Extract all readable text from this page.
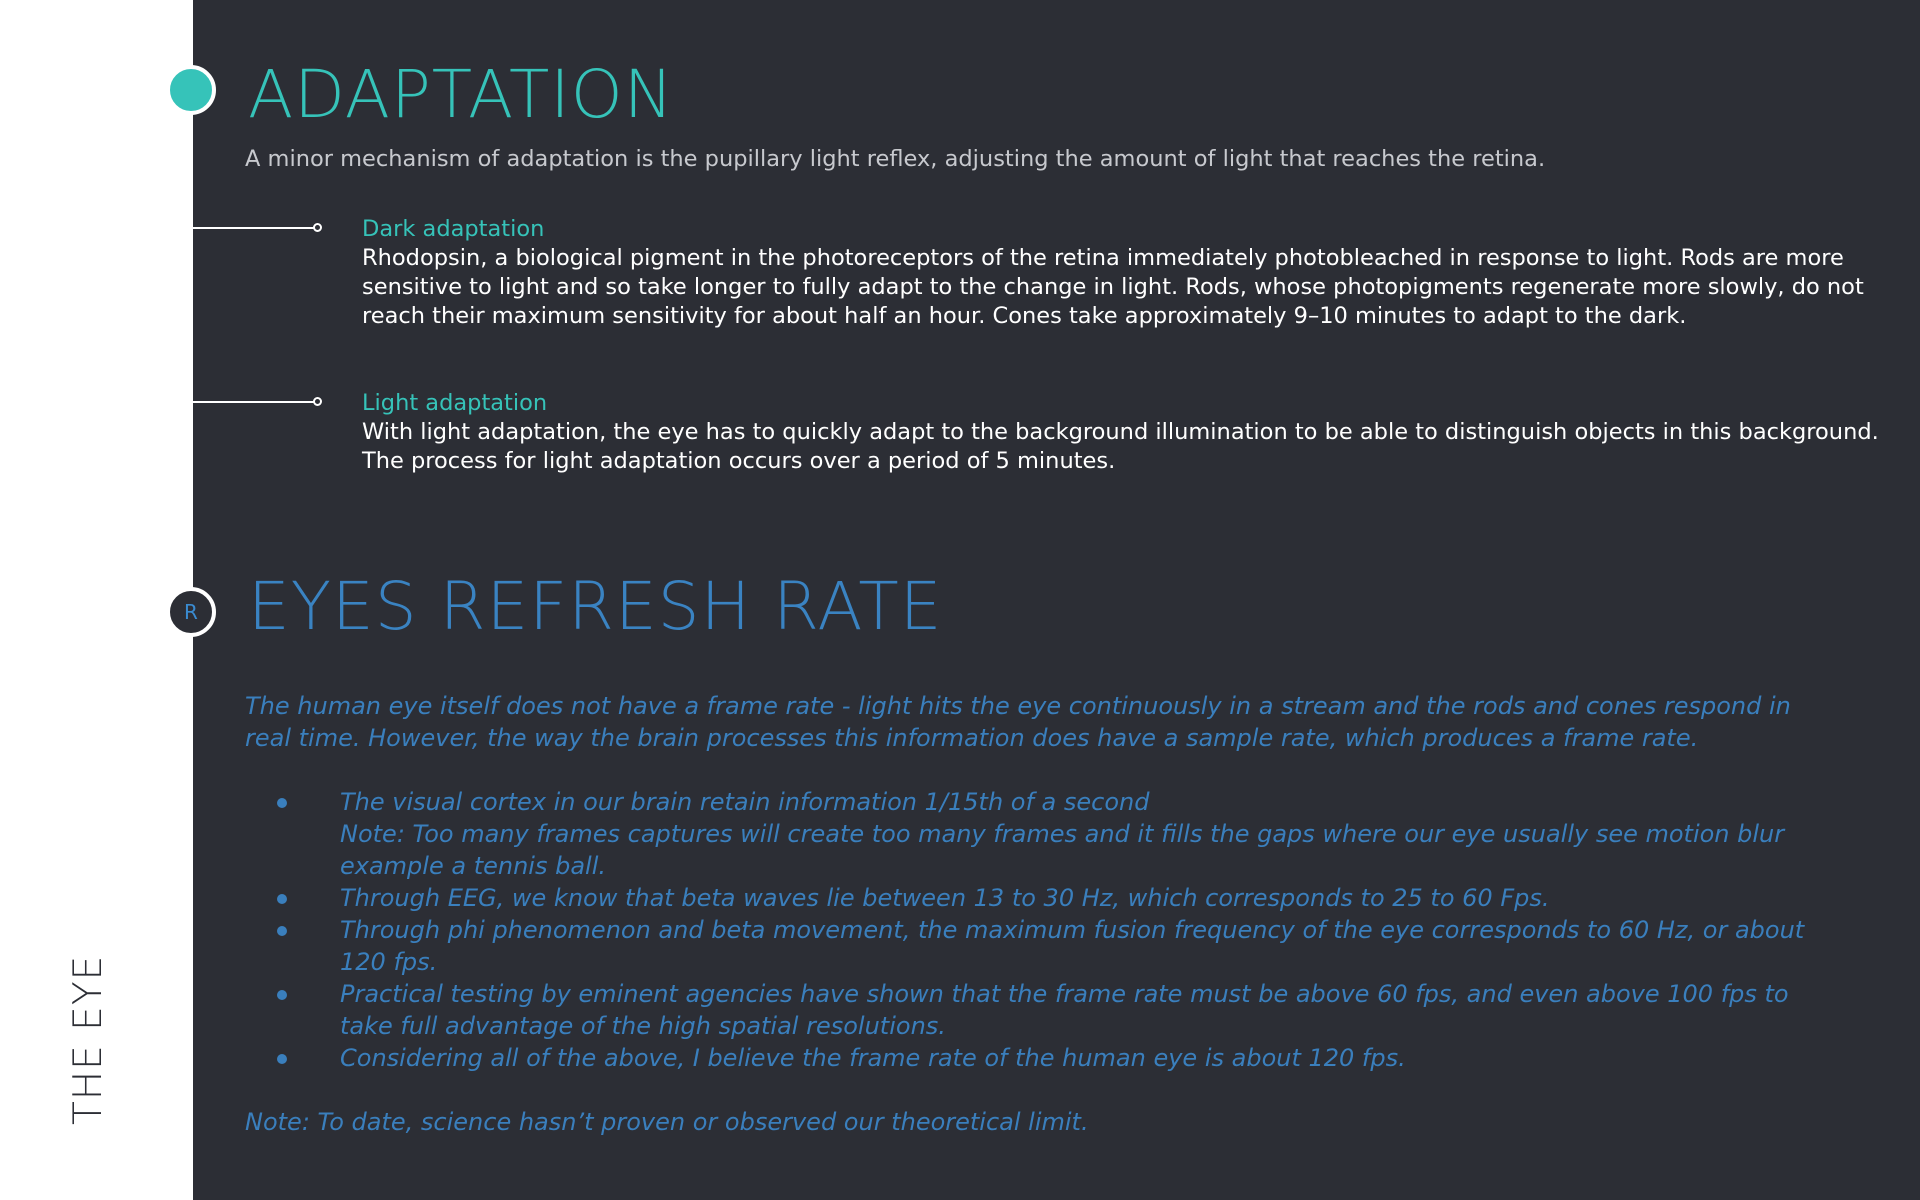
THE EYE
ADAPTATION
A minor mechanism of adaptation is the pupillary light reflex, adjusting the amount of light that reaches the retina.
Dark adaptation
Rhodopsin, a biological pigment in the photoreceptors of the retina immediately photobleached in response to light. Rods are more
sensitive to light and so take longer to fully adapt to the change in light. Rods, whose photopigments regenerate more slowly, do not
reach their maximum sensitivity for about half an hour. Cones take approximately 9–10 minutes to adapt to the dark.
Light adaptation
With light adaptation, the eye has to quickly adapt to the background illumination to be able to distinguish objects in this background.
The process for light adaptation occurs over a period of 5 minutes.
R EYES REFRESH RATE
The human eye itself does not have a frame rate - light hits the eye continuously in a stream and the rods and cones respond in
real time. However, the way the brain processes this information does have a sample rate, which produces a frame rate.
The visual cortex in our brain retain information 1/15th of a second
Note: Too many frames captures will create too many frames and it fills the gaps where our eye usually see motion blur
example a tennis ball.
Through EEG, we know that beta waves lie between 13 to 30 Hz, which corresponds to 25 to 60 Fps.
Through phi phenomenon and beta movement, the maximum fusion frequency of the eye corresponds to 60 Hz, or about
120 fps.
Practical testing by eminent agencies have shown that the frame rate must be above 60 fps, and even above 100 fps to
take full advantage of the high spatial resolutions.
Considering all of the above, I believe the frame rate of the human eye is about 120 fps.
Note: To date, science hasn’t proven or observed our theoretical limit.
